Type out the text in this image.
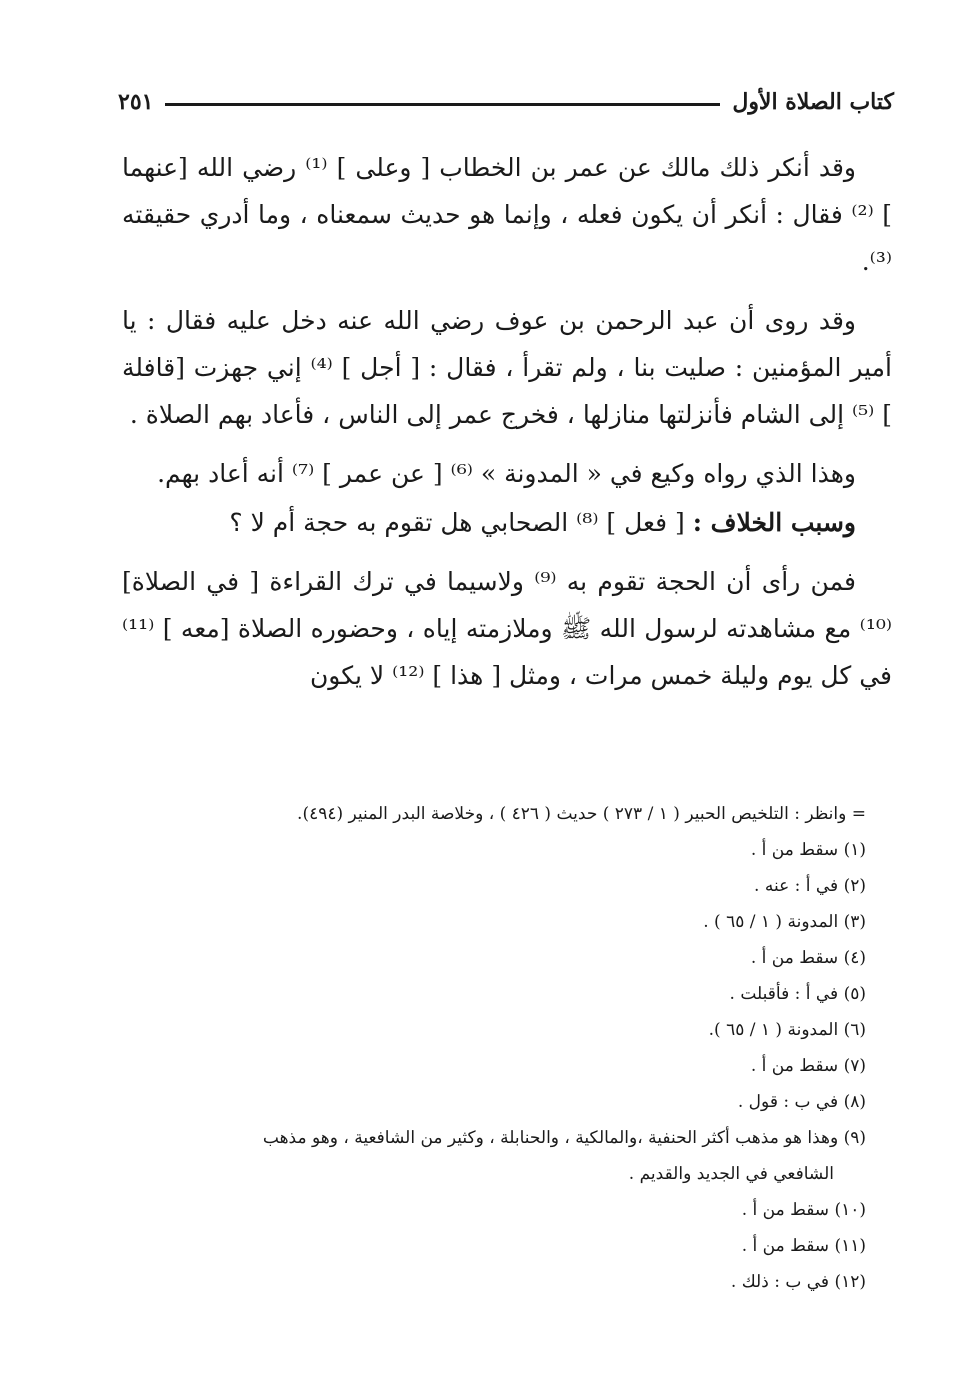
كتاب الصلاة الأول
٢٥١

وقد أنكر ذلك مالك عن عمر بن الخطاب [ وعلى ] ⁽¹⁾ رضي الله [عنهما ] ⁽²⁾ فقال : أنكر أن يكون فعله ، وإنما هو حديث سمعناه ، وما أدري حقيقته ⁽³⁾.

وقد روى أن عبد الرحمن بن عوف رضي الله عنه دخل عليه فقال : يا أمير المؤمنين : صليت بنا ، ولم تقرأ ، فقال : [ أجل ] ⁽⁴⁾ إني جهزت [قافلة ] ⁽⁵⁾ إلى الشام فأنزلتها منازلها ، فخرج عمر إلى الناس ، فأعاد بهم الصلاة .

وهذا الذي رواه وكيع في « المدونة » ⁽⁶⁾ [ عن عمر ] ⁽⁷⁾ أنه أعاد بهم.

وسبب الخلاف : [ فعل ] ⁽⁸⁾ الصحابي هل تقوم به حجة أم لا ؟

فمن رأى أن الحجة تقوم به ⁽⁹⁾ ولاسيما في ترك القراءة [ في الصلاة]⁽¹⁰⁾ مع مشاهدته لرسول الله ﷺ وملازمته إياه ، وحضوره الصلاة [معه ] ⁽¹¹⁾ في كل يوم وليلة خمس مرات ، ومثل [ هذا ] ⁽¹²⁾ لا يكون

= وانظر : التلخيص الحبير ( ١ / ٢٧٣ ) حديث ( ٤٢٦ ) ، وخلاصة البدر المنير (٤٩٤).

(١) سقط من أ .

(٢) في أ : عنه .

(٣) المدونة ( ١ / ٦٥ ) .

(٤) سقط من أ .

(٥) في أ : فأقبلت .

(٦) المدونة ( ١ / ٦٥ ).

(٧) سقط من أ .

(٨) في ب : قول .

(٩) وهذا هو مذهب أكثر الحنفية ،والمالكية ، والحنابلة ، وكثير من الشافعية ، وهو مذهب

الشافعي في الجديد والقديم .

(١٠) سقط من أ .

(١١) سقط من أ .

(١٢) في ب : ذلك .
